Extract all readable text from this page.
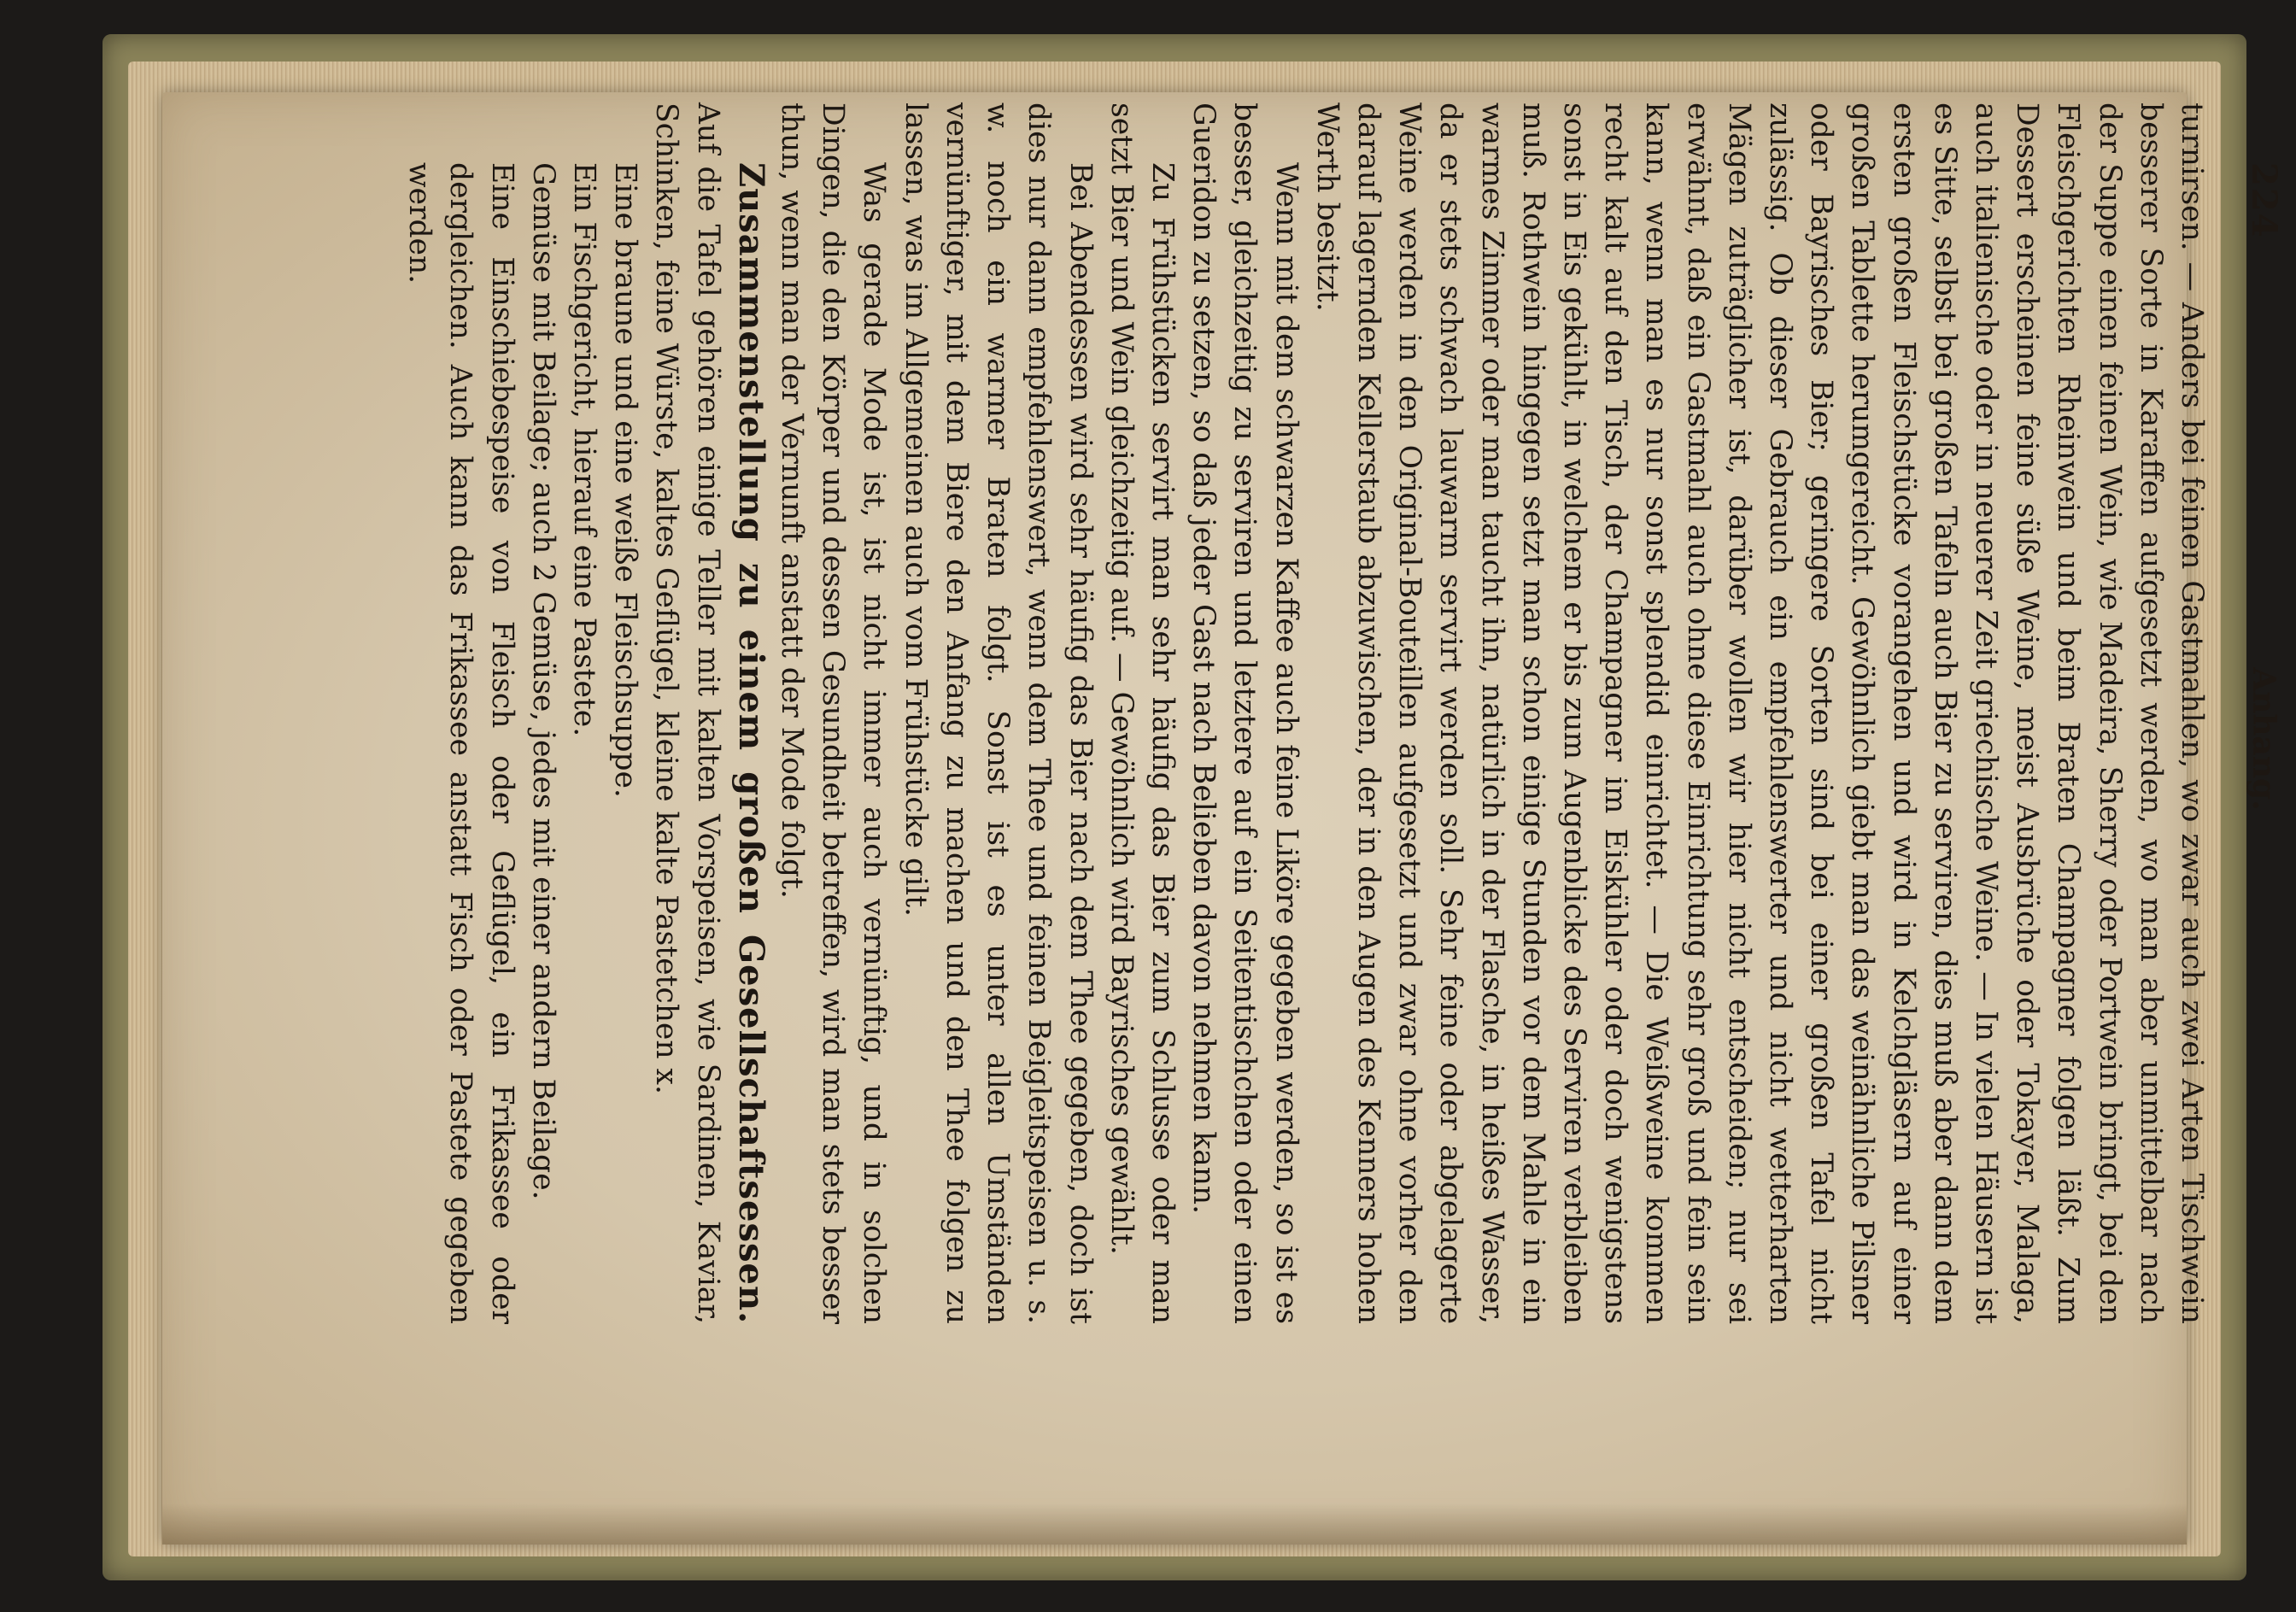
224
Anhang.

turnirsen. — Anders bei feinen Gastmahlen, wo zwar auch zwei Arten Tischwein besserer Sorte in Karaffen aufgesetzt werden, wo man aber unmittelbar nach der Suppe einen feinen Wein, wie Madeira, Sherry oder Portwein bringt, bei den Fleischgerichten Rheinwein und beim Braten Champagner folgen läßt. Zum Dessert erscheinen feine süße Weine, meist Ausbrüche oder Tokayer, Malaga, auch italienische oder in neuerer Zeit griechische Weine. — In vielen Häusern ist es Sitte, selbst bei großen Tafeln auch Bier zu serviren, dies muß aber dann dem ersten großen Fleischstücke vorangehen und wird in Kelchgläsern auf einer großen Tablette herumgereicht. Gewöhnlich giebt man das weinähnliche Pilsner oder Bayrisches Bier; geringere Sorten sind bei einer großen Tafel nicht zulässig. Ob dieser Gebrauch ein empfehlenswerter und nicht wetterharten Mägen zuträglicher ist, darüber wollen wir hier nicht entscheiden; nur sei erwähnt, daß ein Gastmahl auch ohne diese Einrichtung sehr groß und fein sein kann, wenn man es nur sonst splendid einrichtet. — Die Weißweine kommen recht kalt auf den Tisch, der Champagner im Eiskühler oder doch wenigstens sonst in Eis gekühlt, in welchem er bis zum Augenblicke des Serviren verbleiben muß. Rothwein hingegen setzt man schon einige Stunden vor dem Mahle in ein warmes Zimmer oder man taucht ihn, natürlich in der Flasche, in heißes Wasser, da er stets schwach lauwarm servirt werden soll. Sehr feine oder abgelagerte Weine werden in den Original-Bouteillen aufgesetzt und zwar ohne vorher den darauf lagernden Kellerstaub abzuwischen, der in den Augen des Kenners hohen Werth besitzt.

Wenn mit dem schwarzen Kaffee auch feine Liköre gegeben werden, so ist es besser, gleichzeitig zu serviren und letztere auf ein Seitentischchen oder einen Gueridon zu setzen, so daß jeder Gast nach Belieben davon nehmen kann.

Zu Frühstücken servirt man sehr häufig das Bier zum Schlusse oder man setzt Bier und Wein gleichzeitig auf. — Gewöhnlich wird Bayrisches gewählt.

Bei Abendessen wird sehr häufig das Bier nach dem Thee gegeben, doch ist dies nur dann empfehlenswert, wenn dem Thee und feinen Beigleitspeisen u. s. w. noch ein warmer Braten folgt. Sonst ist es unter allen Umständen vernünftiger, mit dem Biere den Anfang zu machen und den Thee folgen zu lassen, was im Allgemeinen auch vom Frühstücke gilt.

Was gerade Mode ist, ist nicht immer auch vernünftig, und in solchen Dingen, die den Körper und dessen Gesundheit betreffen, wird man stets besser thun, wenn man der Vernunft anstatt der Mode folgt.

Zusammenstellung zu einem großen Gesellschaftsessen. Auf die Tafel gehören einige Teller mit kalten Vorspeisen, wie Sardinen, Kaviar, Schinken, feine Würste, kaltes Geflügel, kleine kalte Pastetchen x.

Eine braune und eine weiße Fleischsuppe.

Ein Fischgericht, hierauf eine Pastete.

Gemüse mit Beilage; auch 2 Gemüse, jedes mit einer andern Beilage.

Eine Einschiebespeise von Fleisch oder Geflügel, ein Frikassee oder dergleichen. Auch kann das Frikassee anstatt Fisch oder Pastete gegeben werden.
